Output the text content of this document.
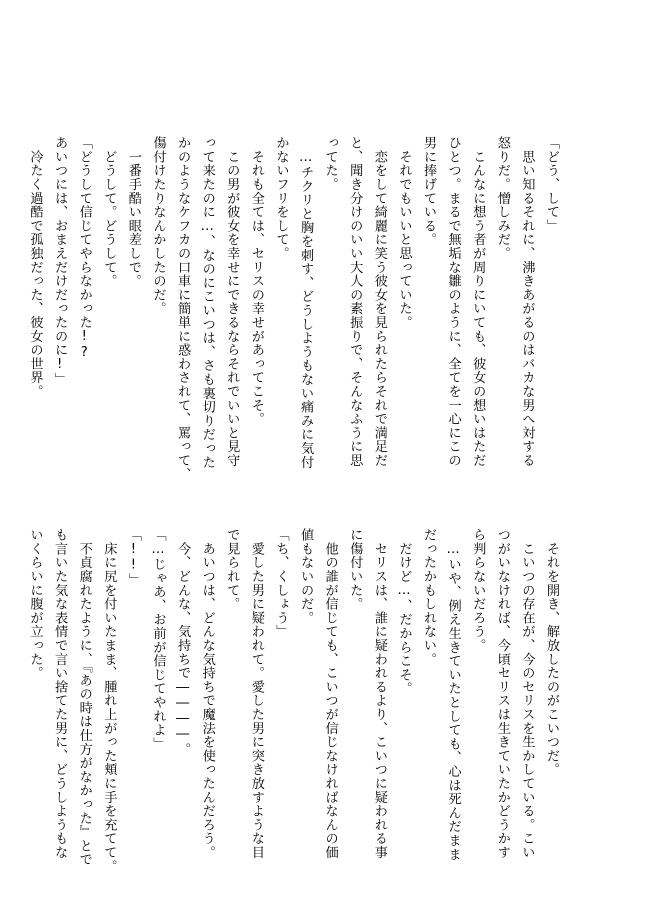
「どう、して」
　思い知るそれに、沸きあがるのはバカな男へ対する
怒りだ。憎しみだ。
　こんなに想う者が周りにいても、彼女の想いはただ
ひとつ。まるで無垢な雛のように、全てを一心にこの
男に捧げている。
　それでもいいと思っていた。
　恋をして綺麗に笑う彼女を見られたらそれで満足だ
と、聞き分けのいい大人の素振りで、そんなふうに思
ってた。
　…チクリと胸を刺す、どうしようもない痛みに気付
かないフリをして。
　それも全ては、セリスの幸せがあってこそ。
　この男が彼女を幸せにできるならそれでいいと見守
って来たのに…、なのにこいつは、さも裏切りだった
かのようなケフカの口車に簡単に惑わされて、罵って、
傷付けたりなんかしたのだ。
　一番手酷い眼差しで。
　どうして。どうして。
「どうして信じてやらなかった!?
あいつには、おまえだけだったのに!」
　冷たく過酷で孤独だった、彼女の世界。
　それを開き、解放したのがこいつだ。
　こいつの存在が、今のセリスを生かしている。こい
つがいなければ、今頃セリスは生きていたかどうかす
ら判らないだろう。
　…いや、例え生きていたとしても、心は死んだまま
だったかもしれない。
　だけど…、だからこそ。
　セリスは、誰に疑われるより、こいつに疑われる事
に傷付いた。
　他の誰が信じても、こいつが信じなければなんの価
値もないのだ。
「ち、くしょう」
　愛した男に疑われて。愛した男に突き放すような目
で見られて。
　あいつは、どんな気持ちで魔法を使ったんだろう。
　今、どんな、気持ちで――――。
「…じゃあ、お前が信じてやれよ」
「!!」
　床に尻を付いたまま、腫れ上がった頬に手を充てて。
　不貞腐れたように、『あの時は仕方がなかった』とで
も言いた気な表情で言い捨てた男に、どうしようもな
いくらいに腹が立った。
